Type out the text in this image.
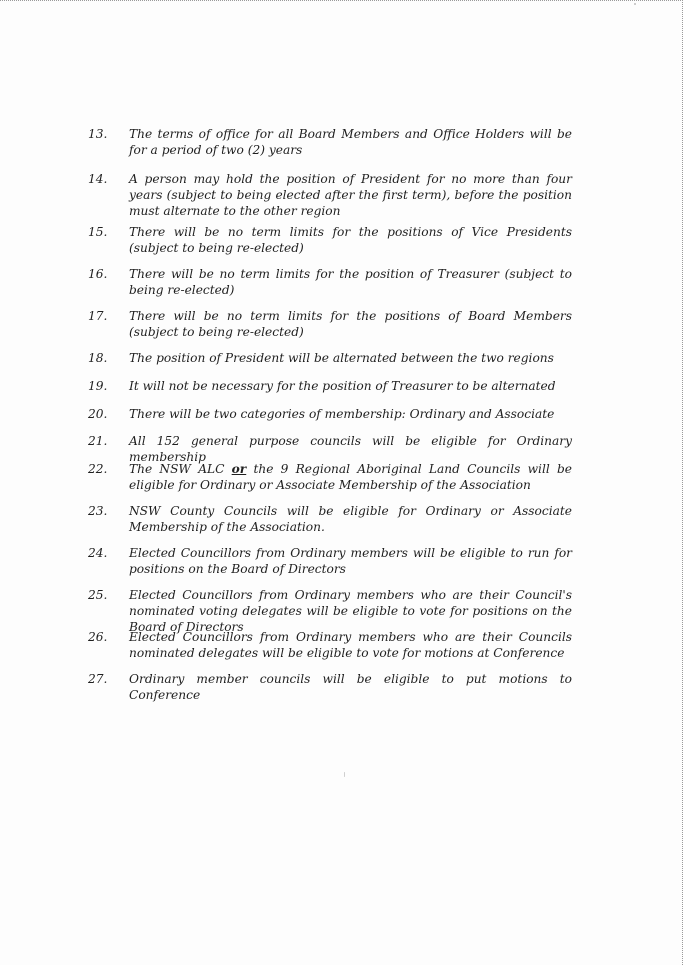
13. The terms of office for all Board Members and Office Holders will be for a period of two (2) years
14. A person may hold the position of President for no more than four years (subject to being elected after the first term), before the position must alternate to the other region
15. There will be no term limits for the positions of Vice Presidents (subject to being re-elected)
16. There will be no term limits for the position of Treasurer (subject to being re-elected)
17. There will be no term limits for the positions of Board Members (subject to being re-elected)
18. The position of President will be alternated between the two regions
19. It will not be necessary for the position of Treasurer to be alternated
20. There will be two categories of membership: Ordinary and Associate
21. All 152 general purpose councils will be eligible for Ordinary membership
22. The NSW ALC or the 9 Regional Aboriginal Land Councils will be eligible for Ordinary or Associate Membership of the Association
23. NSW County Councils will be eligible for Ordinary or Associate Membership of the Association.
24. Elected Councillors from Ordinary members will be eligible to run for positions on the Board of Directors
25. Elected Councillors from Ordinary members who are their Council's nominated voting delegates will be eligible to vote for positions on the Board of Directors
26. Elected Councillors from Ordinary members who are their Councils nominated delegates will be eligible to vote for motions at Conference
27. Ordinary member councils will be eligible to put motions to Conference
